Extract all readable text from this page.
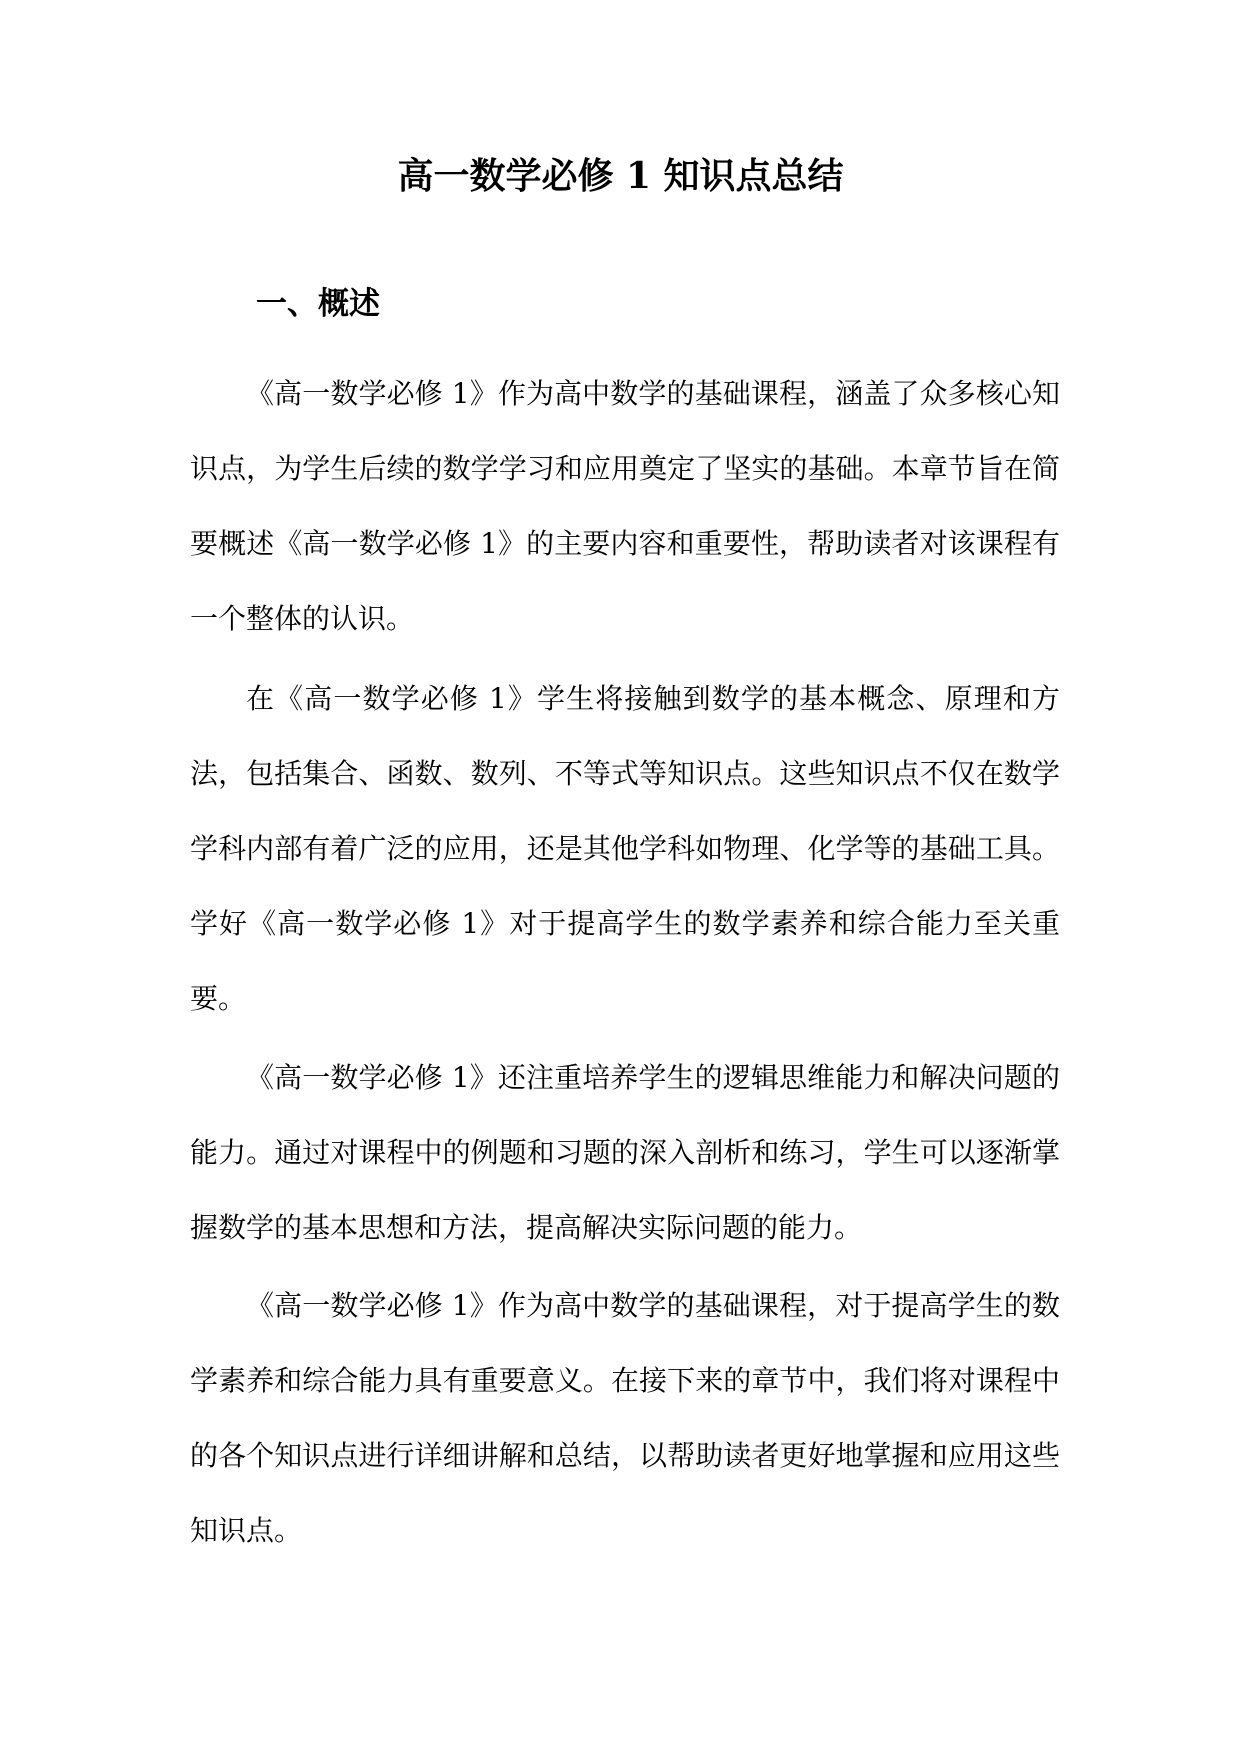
高一数学必修 1 知识点总结
一、概述

《高一数学必修 1》作为高中数学的基础课程，涵盖了众多核心知识点，为学生后续的数学学习和应用奠定了坚实的基础。本章节旨在简要概述《高一数学必修 1》的主要内容和重要性，帮助读者对该课程有一个整体的认识。

在《高一数学必修 1》学生将接触到数学的基本概念、原理和方法，包括集合、函数、数列、不等式等知识点。这些知识点不仅在数学学科内部有着广泛的应用，还是其他学科如物理、化学等的基础工具。学好《高一数学必修 1》对于提高学生的数学素养和综合能力至关重要。

《高一数学必修 1》还注重培养学生的逻辑思维能力和解决问题的能力。通过对课程中的例题和习题的深入剖析和练习，学生可以逐渐掌握数学的基本思想和方法，提高解决实际问题的能力。

《高一数学必修 1》作为高中数学的基础课程，对于提高学生的数学素养和综合能力具有重要意义。在接下来的章节中，我们将对课程中的各个知识点进行详细讲解和总结，以帮助读者更好地掌握和应用这些知识点。
